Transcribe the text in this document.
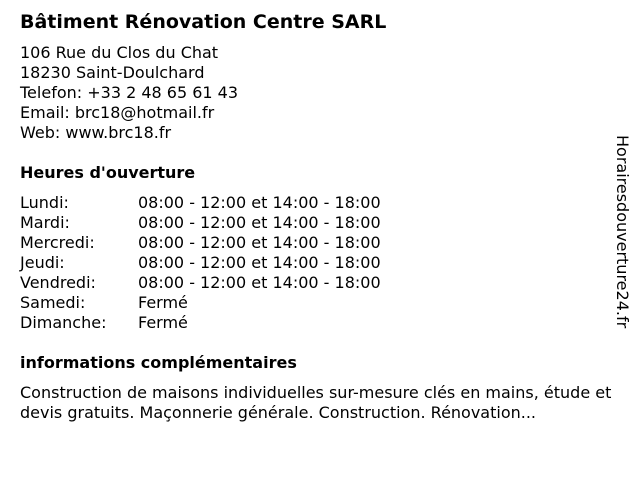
Bâtiment Rénovation Centre SARL
106 Rue du Clos du Chat
18230 Saint-Doulchard
Telefon: +33 2 48 65 61 43
Email: brc18@hotmail.fr
Web: www.brc18.fr
Heures d'ouverture
Lundi:	08:00 - 12:00 et 14:00 - 18:00
Mardi:	08:00 - 12:00 et 14:00 - 18:00
Mercredi:	08:00 - 12:00 et 14:00 - 18:00
Jeudi:	08:00 - 12:00 et 14:00 - 18:00
Vendredi:	08:00 - 12:00 et 14:00 - 18:00
Samedi:	Fermé
Dimanche: Fermé
informations complémentaires

Construction de maisons individuelles sur-mesure clés en mains, étude et devis gratuits. Maçonnerie générale. Construction. Rénovation...

Horairesdouverture24.fr
